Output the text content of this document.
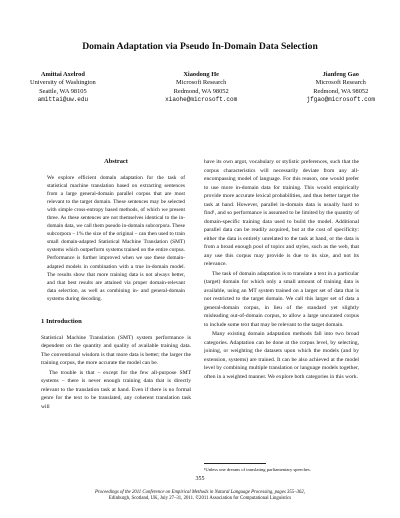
Domain Adaptation via Pseudo In-Domain Data Selection
Amittai Axelrod
University of Washington
Seattle, WA 98105
amittai@uw.edu
Xiaodong He
Microsoft Research
Redmond, WA 98052
xiaohe@microsoft.com
Jianfeng Gao
Microsoft Research
Redmond, WA 98052
jfgao@microsoft.com
Abstract

We explore efficient domain adaptation for the task of statistical machine translation based on extracting sentences from a large general-domain parallel corpus that are most relevant to the target domain. These sentences may be selected with simple cross-entropy based methods, of which we present three. As these sentences are not themselves identical to the in-domain data, we call them pseudo in-domain subcorpora. These subcorpora – 1% the size of the original – can then used to train small domain-adapted Statistical Machine Translation (SMT) systems which outperform systems trained on the entire corpus. Performance is further improved when we use these domain-adapted models in combination with a true in-domain model. The results show that more training data is not always better, and that best results are attained via proper domain-relevant data selection, as well as combining in- and general-domain systems during decoding.

1 Introduction

Statistical Machine Translation (SMT) system performance is dependent on the quantity and quality of available training data. The conventional wisdom is that more data is better; the larger the training corpus, the more accurate the model can be.

The trouble is that – except for the few all-purpose SMT systems – there is never enough training data that is directly relevant to the translation task at hand. Even if there is no formal genre for the text to be translated, any coherent translation task will

have its own argot, vocabulary or stylistic preferences, such that the corpus characteristics will necessarily deviate from any all-encompassing model of language. For this reason, one would prefer to use more in-domain data for training. This would empirically provide more accurate lexical probabilities, and thus better target the task at hand. However, parallel in-domain data is usually hard to find¹, and so performance is assumed to be limited by the quantity of domain-specific training data used to build the model. Additional parallel data can be readily acquired, but at the cost of specificity: either the data is entirely unrelated to the task at hand, or the data is from a broad enough pool of topics and styles, such as the web, that any use this corpus may provide is due to its size, and not its relevance.

The task of domain adaptation is to translate a text in a particular (target) domain for which only a small amount of training data is available, using an MT system trained on a larger set of data that is not restricted to the target domain. We call this larger set of data a general-domain corpus, in lieu of the standard yet slightly misleading out-of-domain corpus, to allow a large uncurated corpus to include some text that may be relevant to the target domain.

Many existing domain adaptation methods fall into two broad categories. Adaptation can be done at the corpus level, by selecting, joining, or weighting the datasets upon which the models (and by extension, systems) are trained. It can be also achieved at the model level by combining multiple translation or language models together, often in a weighted manner. We explore both categories in this work.

¹Unless one dreams of translating parliamentary speeches.
355
Proceedings of the 2011 Conference on Empirical Methods in Natural Language Processing, pages 355–362,
Edinburgh, Scotland, UK, July 27–31, 2011. ©2011 Association for Computational Linguistics
